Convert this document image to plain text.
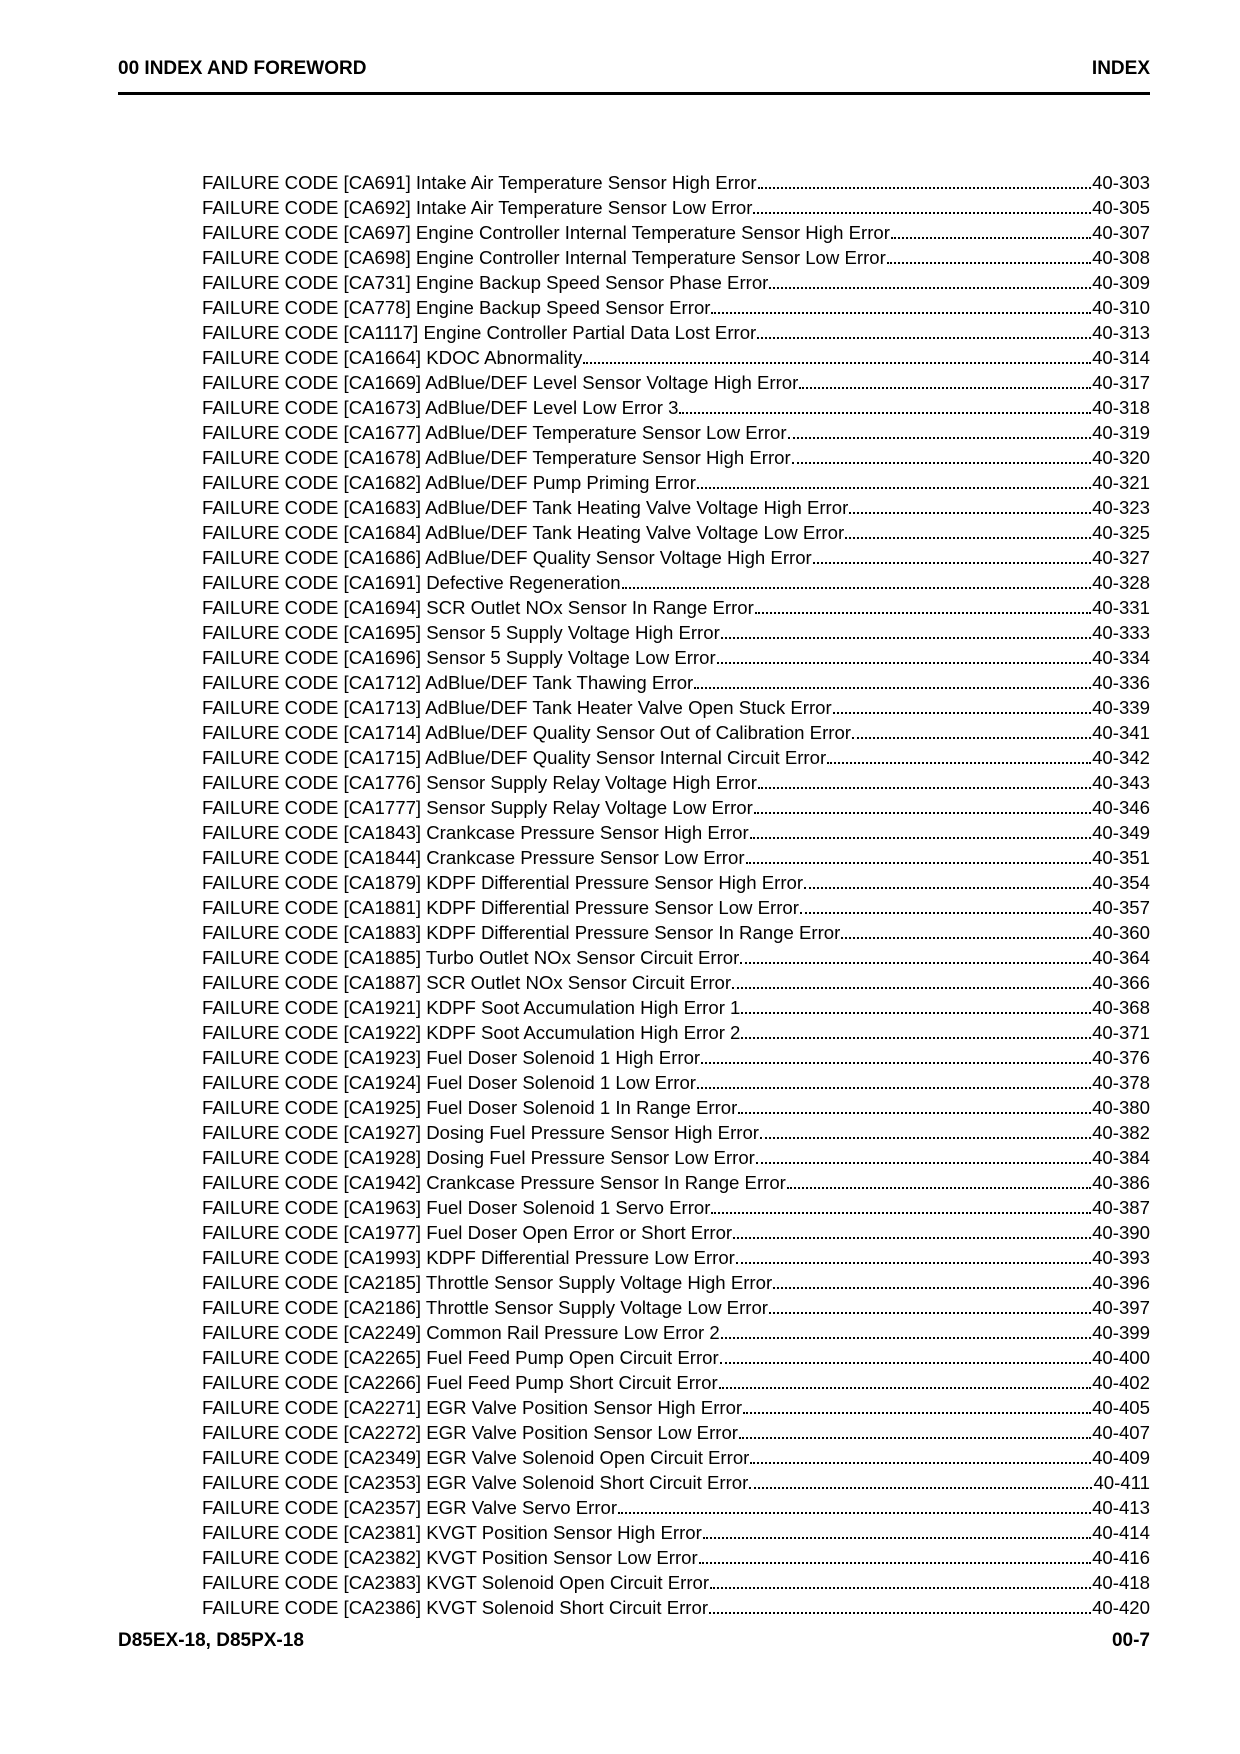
00 INDEX AND FOREWORD	INDEX
FAILURE CODE [CA691] Intake Air Temperature Sensor High Error	40-303
FAILURE CODE [CA692] Intake Air Temperature Sensor Low Error	40-305
FAILURE CODE [CA697] Engine Controller Internal Temperature Sensor High Error	40-307
FAILURE CODE [CA698] Engine Controller Internal Temperature Sensor Low Error	40-308
FAILURE CODE [CA731] Engine Backup Speed Sensor Phase Error	40-309
FAILURE CODE [CA778] Engine Backup Speed Sensor Error	40-310
FAILURE CODE [CA1117] Engine Controller Partial Data Lost Error	40-313
FAILURE CODE [CA1664] KDOC Abnormality	40-314
FAILURE CODE [CA1669] AdBlue/DEF Level Sensor Voltage High Error	40-317
FAILURE CODE [CA1673] AdBlue/DEF Level Low Error 3	40-318
FAILURE CODE [CA1677] AdBlue/DEF Temperature Sensor Low Error	40-319
FAILURE CODE [CA1678] AdBlue/DEF Temperature Sensor High Error	40-320
FAILURE CODE [CA1682] AdBlue/DEF Pump Priming Error	40-321
FAILURE CODE [CA1683] AdBlue/DEF Tank Heating Valve Voltage High Error	40-323
FAILURE CODE [CA1684] AdBlue/DEF Tank Heating Valve Voltage Low Error	40-325
FAILURE CODE [CA1686] AdBlue/DEF Quality Sensor Voltage High Error	40-327
FAILURE CODE [CA1691] Defective Regeneration	40-328
FAILURE CODE [CA1694] SCR Outlet NOx Sensor In Range Error	40-331
FAILURE CODE [CA1695] Sensor 5 Supply Voltage High Error	40-333
FAILURE CODE [CA1696] Sensor 5 Supply Voltage Low Error	40-334
FAILURE CODE [CA1712] AdBlue/DEF Tank Thawing Error	40-336
FAILURE CODE [CA1713] AdBlue/DEF Tank Heater Valve Open Stuck Error	40-339
FAILURE CODE [CA1714] AdBlue/DEF Quality Sensor Out of Calibration Error	40-341
FAILURE CODE [CA1715] AdBlue/DEF Quality Sensor Internal Circuit Error	40-342
FAILURE CODE [CA1776] Sensor Supply Relay Voltage High Error	40-343
FAILURE CODE [CA1777] Sensor Supply Relay Voltage Low Error	40-346
FAILURE CODE [CA1843] Crankcase Pressure Sensor High Error	40-349
FAILURE CODE [CA1844] Crankcase Pressure Sensor Low Error	40-351
FAILURE CODE [CA1879] KDPF Differential Pressure Sensor High Error	40-354
FAILURE CODE [CA1881] KDPF Differential Pressure Sensor Low Error	40-357
FAILURE CODE [CA1883] KDPF Differential Pressure Sensor In Range Error	40-360
FAILURE CODE [CA1885] Turbo Outlet NOx Sensor Circuit Error	40-364
FAILURE CODE [CA1887] SCR Outlet NOx Sensor Circuit Error	40-366
FAILURE CODE [CA1921] KDPF Soot Accumulation High Error 1	40-368
FAILURE CODE [CA1922] KDPF Soot Accumulation High Error 2	40-371
FAILURE CODE [CA1923] Fuel Doser Solenoid 1 High Error	40-376
FAILURE CODE [CA1924] Fuel Doser Solenoid 1 Low Error	40-378
FAILURE CODE [CA1925] Fuel Doser Solenoid 1 In Range Error	40-380
FAILURE CODE [CA1927] Dosing Fuel Pressure Sensor High Error	40-382
FAILURE CODE [CA1928] Dosing Fuel Pressure Sensor Low Error	40-384
FAILURE CODE [CA1942] Crankcase Pressure Sensor In Range Error	40-386
FAILURE CODE [CA1963] Fuel Doser Solenoid 1 Servo Error	40-387
FAILURE CODE [CA1977] Fuel Doser Open Error or Short Error	40-390
FAILURE CODE [CA1993] KDPF Differential Pressure Low Error	40-393
FAILURE CODE [CA2185] Throttle Sensor Supply Voltage High Error	40-396
FAILURE CODE [CA2186] Throttle Sensor Supply Voltage Low Error	40-397
FAILURE CODE [CA2249] Common Rail Pressure Low Error 2	40-399
FAILURE CODE [CA2265] Fuel Feed Pump Open Circuit Error	40-400
FAILURE CODE [CA2266] Fuel Feed Pump Short Circuit Error	40-402
FAILURE CODE [CA2271] EGR Valve Position Sensor High Error	40-405
FAILURE CODE [CA2272] EGR Valve Position Sensor Low Error	40-407
FAILURE CODE [CA2349] EGR Valve Solenoid Open Circuit Error	40-409
FAILURE CODE [CA2353] EGR Valve Solenoid Short Circuit Error	40-411
FAILURE CODE [CA2357] EGR Valve Servo Error	40-413
FAILURE CODE [CA2381] KVGT Position Sensor High Error	40-414
FAILURE CODE [CA2382] KVGT Position Sensor Low Error	40-416
FAILURE CODE [CA2383] KVGT Solenoid Open Circuit Error	40-418
FAILURE CODE [CA2386] KVGT Solenoid Short Circuit Error	40-420
D85EX-18, D85PX-18	00-7
